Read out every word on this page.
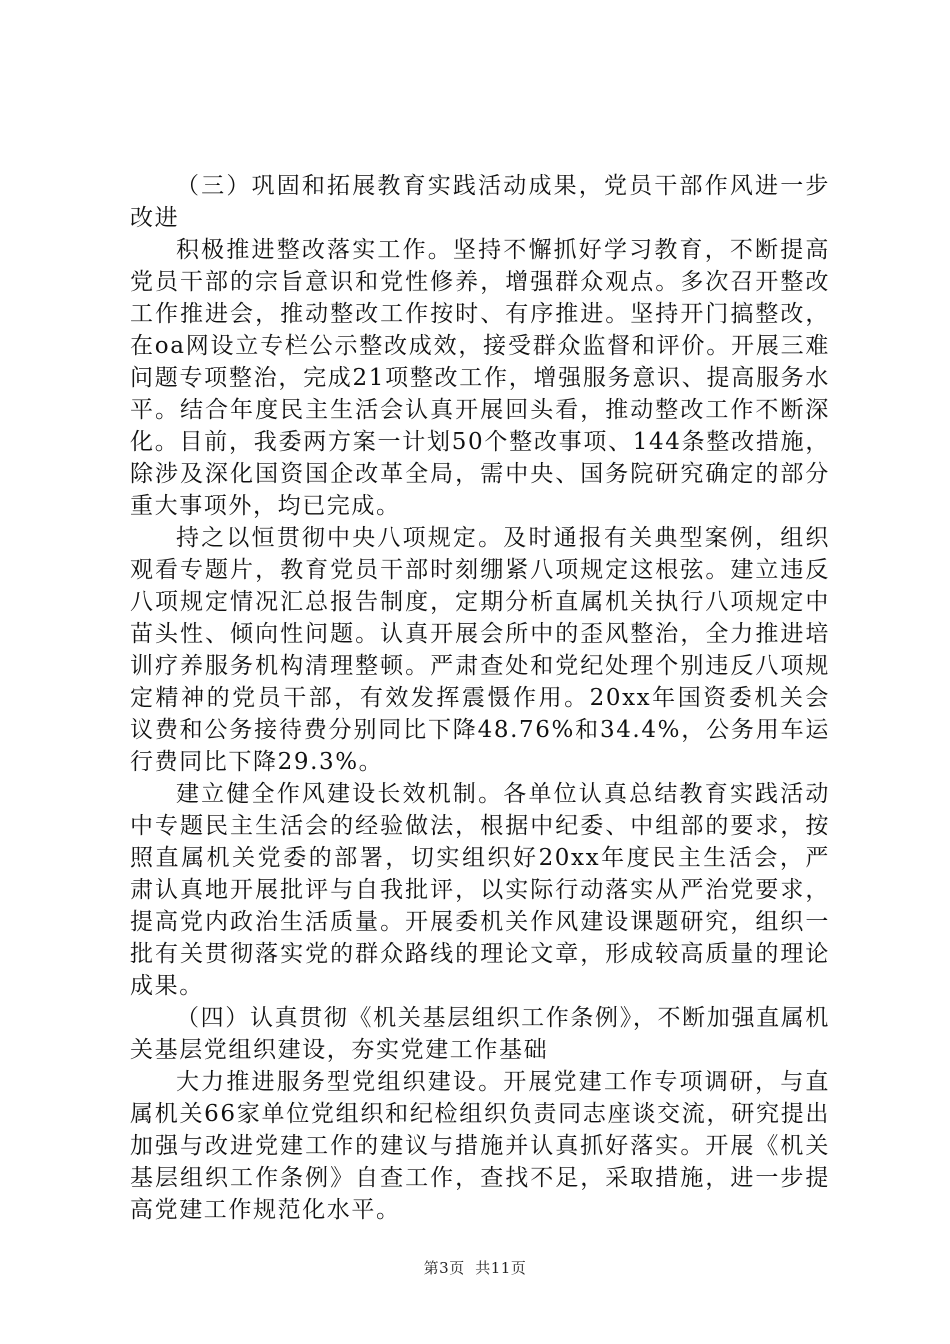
（三）巩固和拓展教育实践活动成果，党员干部作风进一步改进

积极推进整改落实工作。坚持不懈抓好学习教育，不断提高党员干部的宗旨意识和党性修养，增强群众观点。多次召开整改工作推进会，推动整改工作按时、有序推进。坚持开门搞整改，在oa网设立专栏公示整改成效，接受群众监督和评价。开展三难问题专项整治，完成21项整改工作，增强服务意识、提高服务水平。结合年度民主生活会认真开展回头看，推动整改工作不断深化。目前，我委两方案一计划50个整改事项、144条整改措施，除涉及深化国资国企改革全局，需中央、国务院研究确定的部分重大事项外，均已完成。

持之以恒贯彻中央八项规定。及时通报有关典型案例，组织观看专题片，教育党员干部时刻绷紧八项规定这根弦。建立违反八项规定情况汇总报告制度，定期分析直属机关执行八项规定中苗头性、倾向性问题。认真开展会所中的歪风整治，全力推进培训疗养服务机构清理整顿。严肃查处和党纪处理个别违反八项规定精神的党员干部，有效发挥震慑作用。20xx年国资委机关会议费和公务接待费分别同比下降48.76%和34.4%，公务用车运行费同比下降29.3%。

建立健全作风建设长效机制。各单位认真总结教育实践活动中专题民主生活会的经验做法，根据中纪委、中组部的要求，按照直属机关党委的部署，切实组织好20xx年度民主生活会，严肃认真地开展批评与自我批评，以实际行动落实从严治党要求，提高党内政治生活质量。开展委机关作风建设课题研究，组织一批有关贯彻落实党的群众路线的理论文章，形成较高质量的理论成果。

（四）认真贯彻《机关基层组织工作条例》，不断加强直属机关基层党组织建设，夯实党建工作基础

大力推进服务型党组织建设。开展党建工作专项调研，与直属机关66家单位党组织和纪检组织负责同志座谈交流，研究提出加强与改进党建工作的建议与措施并认真抓好落实。开展《机关基层组织工作条例》自查工作，查找不足，采取措施，进一步提高党建工作规范化水平。

第3页  共11页
